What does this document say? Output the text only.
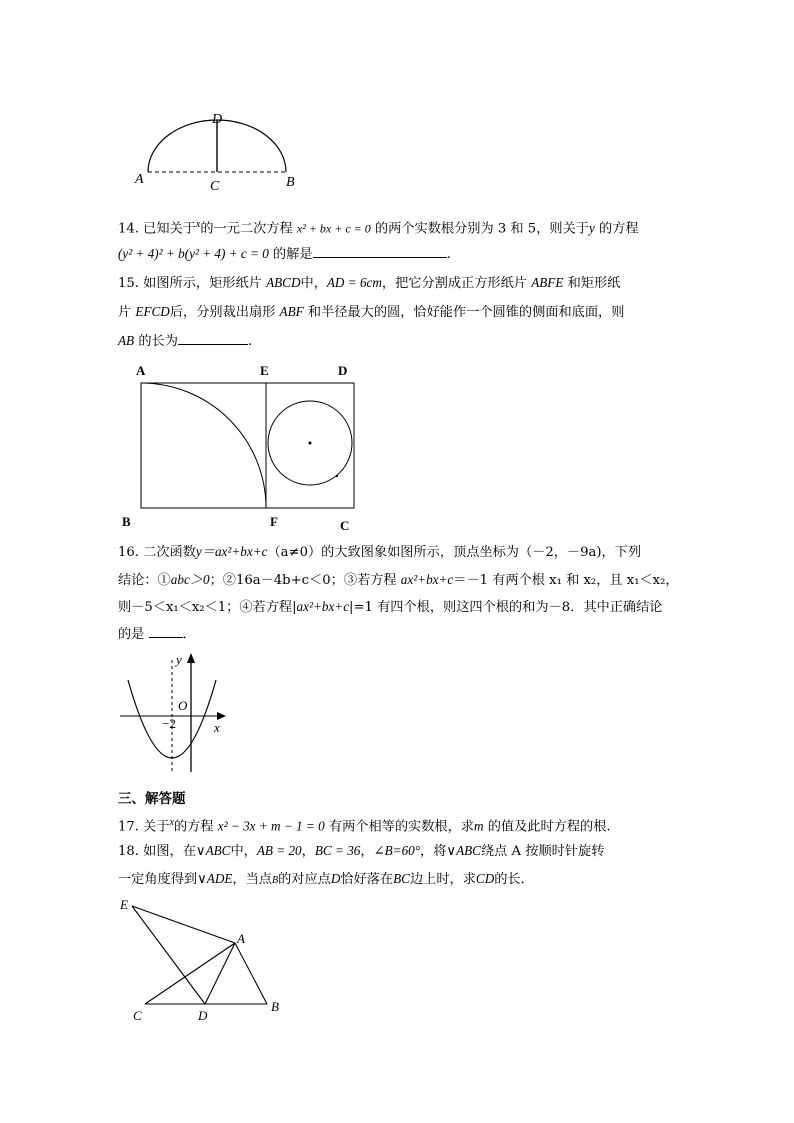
D
A	C	B
14. 已知关于$^x$的一元二次方程 x² + bx + c = 0 的两个实数根分别为 3 和 5，则关于y 的方程
(y² + 4)² + b(y² + 4) + c = 0 的解是	.
15. 如图所示，矩形纸片 ABCD中，AD = 6cm，把它分割成正方形纸片 ABFE 和矩形纸
片 EFCD后，分别裁出扇形 ABF 和半径最大的圆，恰好能作一个圆锥的侧面和底面，则
AB 的长为	.
A	E	D
B	F	C
16. 二次函数y＝ax²+bx+c（a≠0）的大致图象如图所示，顶点坐标为（－2，－9a)，下列
结论：①abc＞0；②16a－4b+c＜0；③若方程 ax²+bx+c＝－1 有两个根 x₁ 和 x₂，且 x₁＜x₂，
则－5＜x₁＜x₂＜1；④若方程|ax²+bx+c|=1 有四个根，则这四个根的和为－8．其中正确结论
的是	．
y
O
−2	x
三、解答题
17. 关于$^x$的方程 x² − 3x + m − 1 = 0 有两个相等的实数根，求m 的值及此时方程的根.
18. 如图，在∨ABC中，AB = 20，BC = 36，∠B=60°，将∨ABC绕点 A 按顺时针旋转
一定角度得到∨ADE，当点B的对应点D恰好落在BC边上时，求CD的长．
E
A
C	D
B
